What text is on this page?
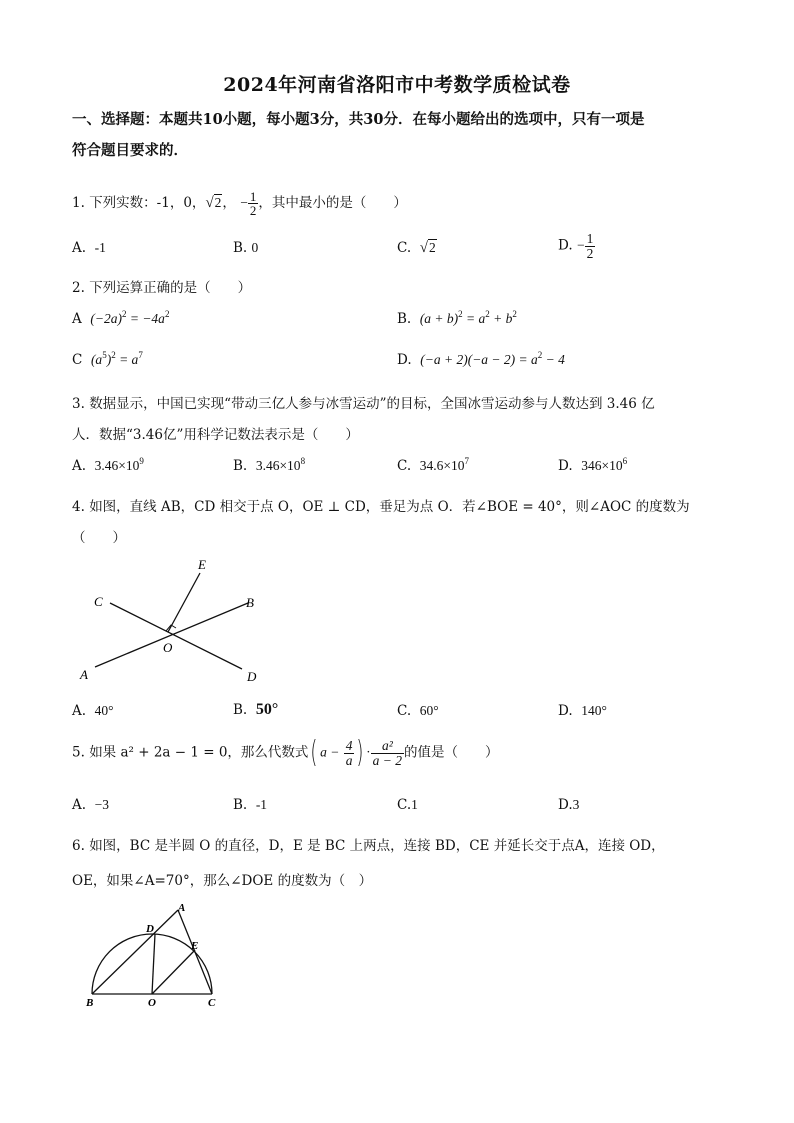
2024年河南省洛阳市中考数学质检试卷
一、选择题：本题共10小题，每小题3分，共30分．在每小题给出的选项中，只有一项是
符合题目要求的．
1. 下列实数：-1，0，√2， − $\frac{1}{2}$ ，其中最小的是（　　）
A. -1	B. 0	C. √2	D. − $\frac{1}{2}$
2. 下列运算正确的是（　　）
A $(-2a)^2 = -4a^2$	B. $(a + b)^2 = a^2 + b^2$
C $(a^5)^2 = a^7$	D. $(-a + 2)(-a - 2) = a^2 - 4$
3. 数据显示，中国已实现“带动三亿人参与冰雪运动”的目标，全国冰雪运动参与人数达到 3.46 亿
人．数据“3.46亿”用科学记数法表示是（　　）
A. $3.46\times 10^9$	B. $3.46\times 10^8$	C. $34.6\times 10^7$	D. $346\times 10^6$
4. 如图，直线 AB，CD 相交于点 O，OE ⊥ CD，垂足为点 O．若∠BOE = 40°，则∠AOC 的度数为
（　　）
E
C	B
O
A	D
A. 40°	B. 50°	C. 60°	D. 140°
5. 如果 a² + 2a − 1 = 0，那么代数式( $a - \frac{4}{a}$ ) · $\frac{\text{a²}}{a - 2}$ 的值是（　　）
A. −3	B. -1	C.1	D.3
6. 如图，BC 是半圆 O 的直径，D，E 是 BC 上两点，连接 BD，CE 并延长交于点A，连接 OD，
OE，如果∠A=70°，那么∠DOE 的度数为（　）
A
D
E
B	O	C
